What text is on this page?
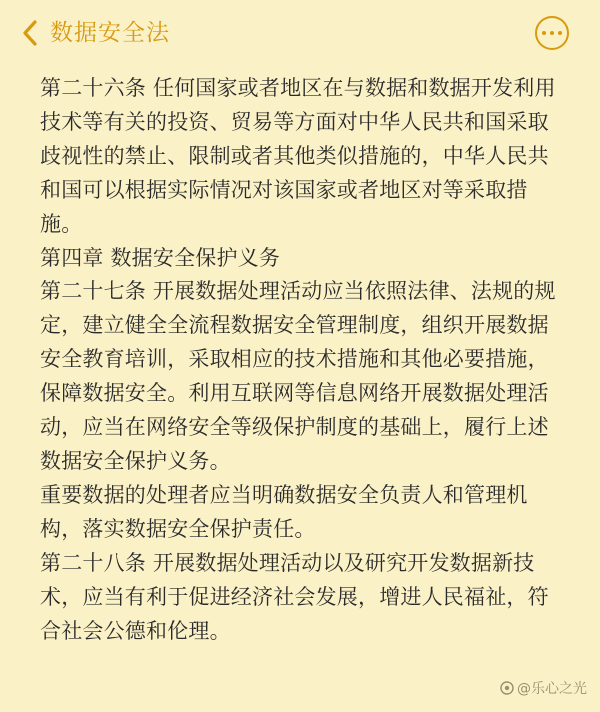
数据安全法

第二十六条 任何国家或者地区在与数据和数据开发利用技术等有关的投资、贸易等方面对中华人民共和国采取歧视性的禁止、限制或者其他类似措施的，中华人民共和国可以根据实际情况对该国家或者地区对等采取措施。

第四章 数据安全保护义务

第二十七条 开展数据处理活动应当依照法律、法规的规定，建立健全全流程数据安全管理制度，组织开展数据安全教育培训，采取相应的技术措施和其他必要措施，保障数据安全。利用互联网等信息网络开展数据处理活动，应当在网络安全等级保护制度的基础上，履行上述数据安全保护义务。

重要数据的处理者应当明确数据安全负责人和管理机构，落实数据安全保护责任。

第二十八条 开展数据处理活动以及研究开发数据新技术，应当有利于促进经济社会发展，增进人民福祉，符合社会公德和伦理。

@乐心之光
